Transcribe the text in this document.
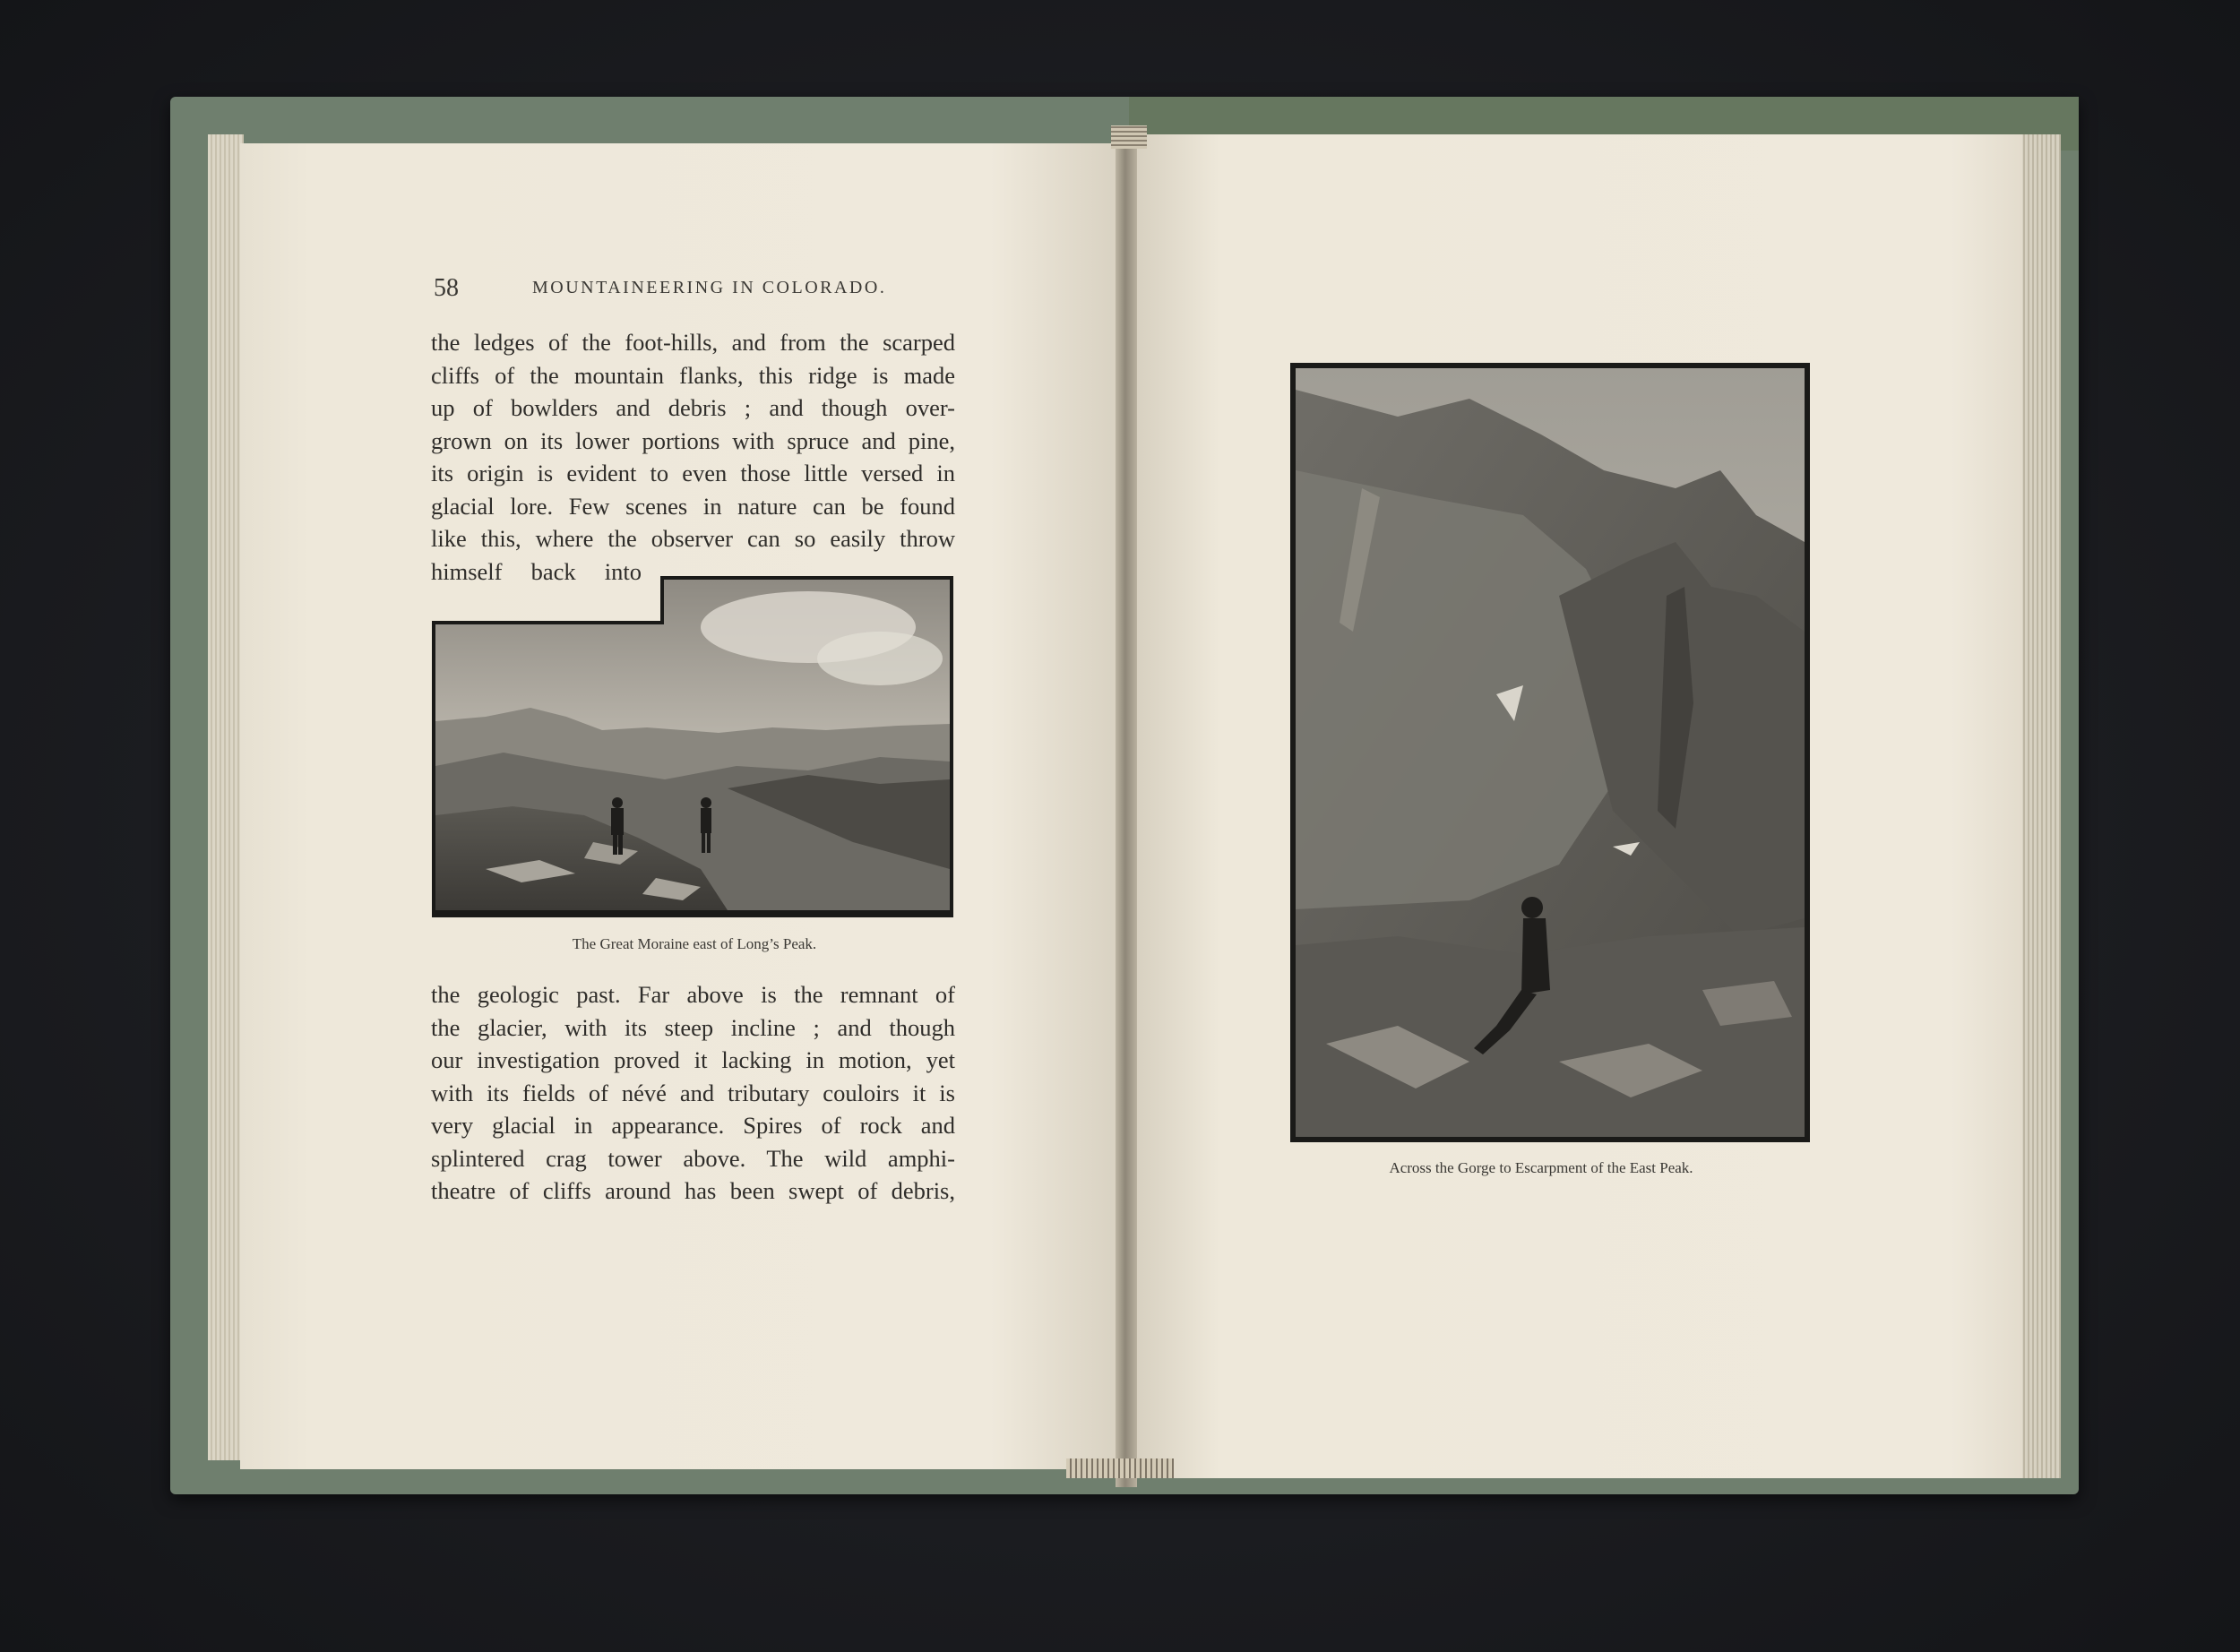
58	MOUNTAINEERING IN COLORADO.
the ledges of the foot-hills, and from the scarped
cliffs of the mountain flanks, this ridge is made
up of bowlders and debris ; and though over-
grown on its lower portions with spruce and pine,
its origin is evident to even those little versed in
glacial lore. Few scenes in nature can be found
like this, where the observer can so easily throw
himself back into
The Great Moraine east of Long’s Peak.
the geologic past. Far above is the remnant of
the glacier, with its steep incline ; and though
our investigation proved it lacking in motion, yet
with its fields of névé and tributary couloirs it is
very glacial in appearance. Spires of rock and
splintered crag tower above. The wild amphi-
theatre of cliffs around has been swept of debris,
Across the Gorge to Escarpment of the East Peak.
